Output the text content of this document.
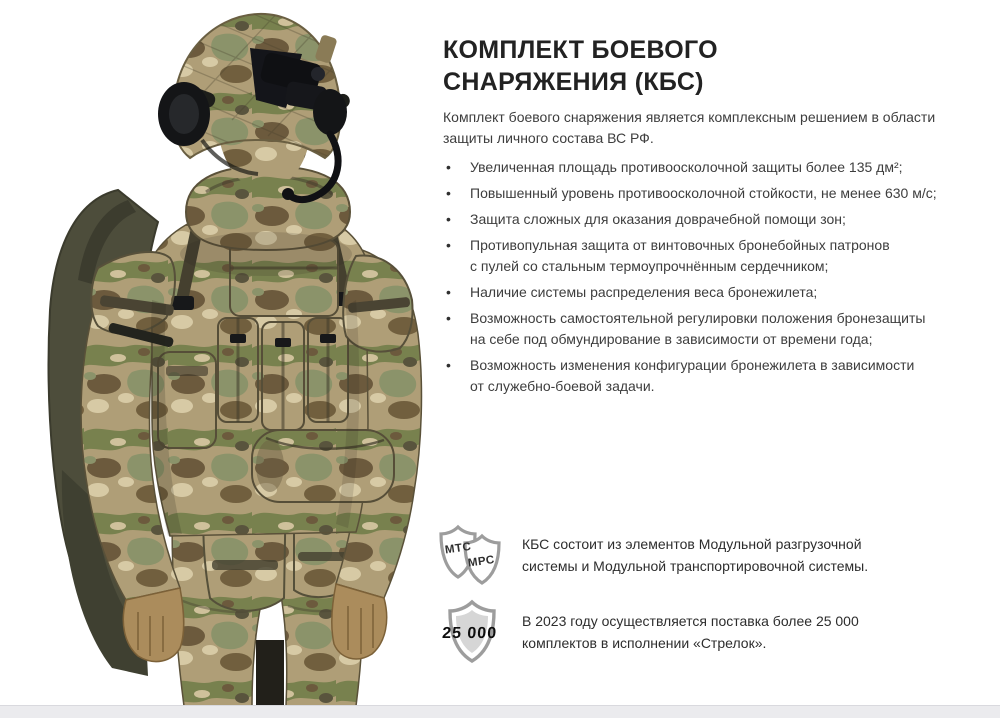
КОМПЛЕКТ БОЕВОГО
СНАРЯЖЕНИЯ (КБС)
Комплект боевого снаряжения является комплексным решением в области
защиты личного состава ВС РФ.
• Увеличенная площадь противоосколочной защиты более 135 дм²;
• Повышенный уровень противоосколочной стойкости, не менее 630 м/с;
• Защита сложных для оказания доврачебной помощи зон;
• Противопульная защита от винтовочных бронебойных патронов
с пулей со стальным термоупрочнённым сердечником;
• Наличие системы распределения веса бронежилета;
• Возможность самостоятельной регулировки положения бронезащиты
на себе под обмундирование в зависимости от времени года;
• Возможность изменения конфигурации бронежилета в зависимости
от служебно-боевой задачи.
МТС
МРС
КБС состоит из элементов Модульной разгрузочной
системы и Модульной транспортировочной системы.
25 000
В 2023 году осуществляется поставка более 25 000
комплектов в исполнении «Стрелок».
